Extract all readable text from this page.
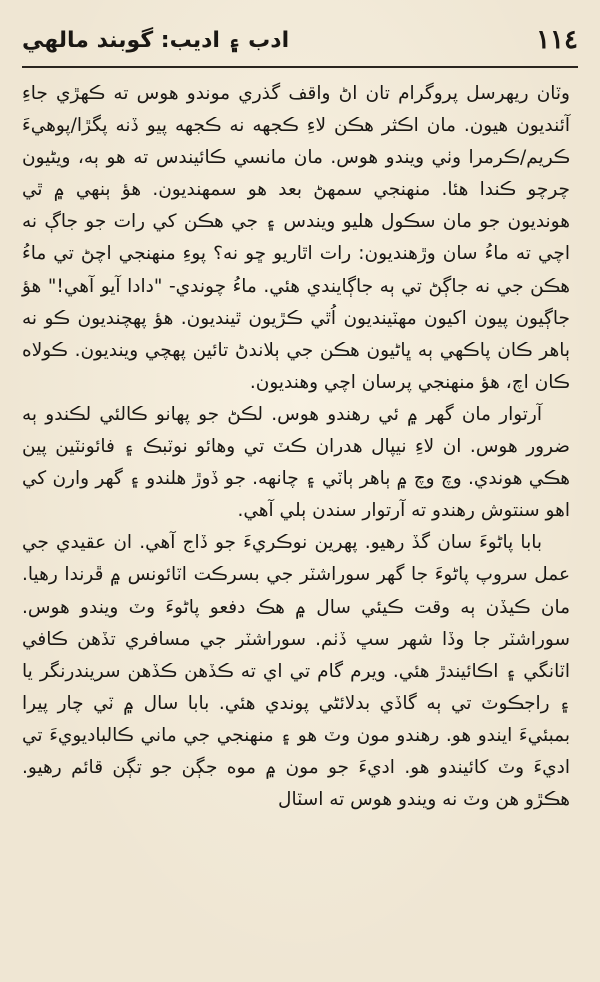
١١٤
ادب ۽ اديب: گوبند مالهي

وٽان ريهرسل پروگرام تان اڻ واقف گذري موندو هوس ته ڪهڙي جاءِ آئنديون هيون. مان اڪثر هڪن لاءِ ڪجهه نه ڪجهه پيو ڏنه پگڙا/پوهيءَ ڪريم/ڪرمرا وٺي ويندو هوس. مان مانسي ڪائيندس ته هو ٻه، ويڻيون چرچو ڪندا هئا. منهنجي سمهڻ بعد هو سمهنديون. هؤ ٻنهي ۾ ٿي هونديون جو مان سڪول هليو ويندس ۽ جي هڪن کي رات جو جاڳ نه اچي ته ماءُ سان وڙهنديون: رات اٿاريو ڇو نه؟ پوءِ منهنجي اچڻ تي ماءُ هڪن جي نه جاڳڻ تي ٻه جاڳايندي هئي. ماءُ چوندي- "دادا آيو آهي!" هؤ جاڳيون پيون اکيون مهٽينديون اُٿي ڪڙيون ٿينديون. هؤ پهچنديون ڪو نه ٻاهر ڪان پاڪهي ٻه ڀاڻيون هڪن جي ٻلاندڻ تائين پهچي وينديون. ڪولاه ڪان اچ، هؤ منهنجي پرسان اچي وهنديون.

آرتوار مان گهر ۾ ئي رهندو هوس. لڪڻ جو پهانو ڪالئي لڪندو ٻه ضرور هوس. ان لاءِ نيپال هدران ڪٽ تي وهائو نوٽبڪ ۽ فائونٽين پين هڪي هوندي. وچ وچ ۾ ٻاهر ٻاٽي ۽ چانهه. جو ڏوڙ هلندو ۽ گهر وارن کي اهو سنتوش رهندو ته آرتوار سندن ٻلي آهي.

بابا پاڻوءَ سان گڏ رهيو. پهرين نوڪريءَ جو ڏاج آهي. ان عقيدي جي عمل سروپ پاڻوءَ جا گهر سوراشٽر جي بسرڪت اٽائونس ۾ ڦرندا رهيا. مان ڪيڏن ٻه وقت ڪيئي سال ۾ هڪ دفعو پاڻوءَ وٽ ويندو هوس. سوراشٽر جا وڏا شهر سڀ ڏٺم. سوراشٽر جي مسافري تڏهن ڪافي اٽانگي ۽ اڪائيندڙ هئي. ويرم گام تي اي ته ڪڏهن ڪڏهن سريندرنگر يا ۽ راجڪوٽ تي ٻه گاڏي بدلائڻي پوندي هئي. بابا سال ۾ ٽي چار پيرا بمبئيءَ ايندو هو. رهندو مون وٽ هو ۽ منهنجي جي ماني ڪالباديويءَ تي اديءَ وٽ کائيندو هو. اديءَ جو مون ۾ موه جڳن جو تڳن قائم رهيو. هڪڙو هن وٽ نه ويندو هوس ته اسٽال
